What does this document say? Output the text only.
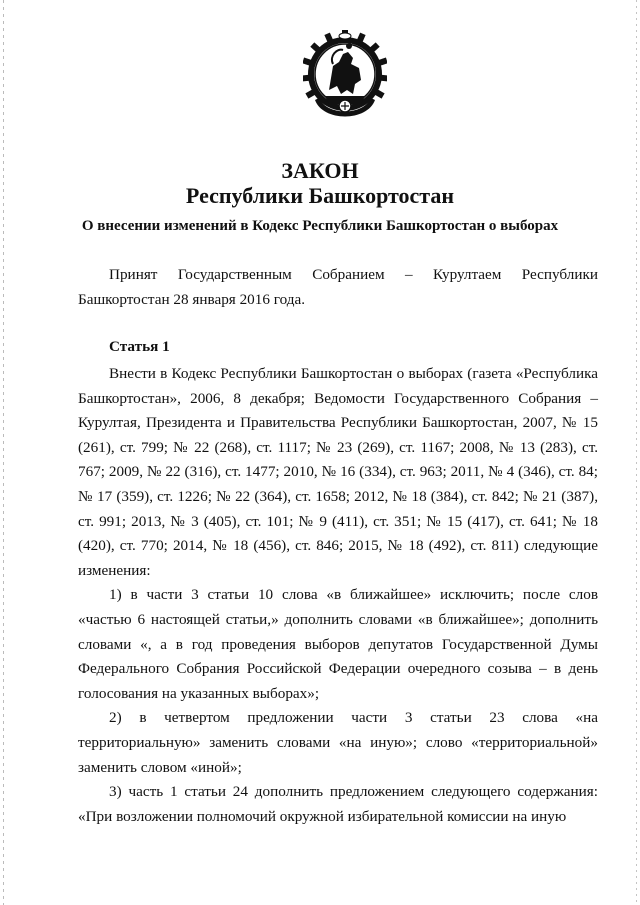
ЗАКОН
Республики Башкортостан
О внесении изменений в Кодекс Республики Башкортостан о выборах

Принят Государственным Собранием – Курултаем Республики Башкортостан 28 января 2016 года.

Статья 1

Внести в Кодекс Республики Башкортостан о выборах (газета «Республика Башкортостан», 2006, 8 декабря; Ведомости Государственного Собрания – Курултая, Президента и Правительства Республики Башкортостан, 2007, № 15 (261), ст. 799; № 22 (268), ст. 1117; № 23 (269), ст. 1167; 2008, № 13 (283), ст. 767; 2009, № 22 (316), ст. 1477; 2010, № 16 (334), ст. 963; 2011, № 4 (346), ст. 84; № 17 (359), ст. 1226; № 22 (364), ст. 1658; 2012, № 18 (384), ст. 842; № 21 (387), ст. 991; 2013, № 3 (405), ст. 101; № 9 (411), ст. 351; № 15 (417), ст. 641; № 18 (420), ст. 770; 2014, № 18 (456), ст. 846; 2015, № 18 (492), ст. 811) следующие изменения:

1) в части 3 статьи 10 слова «в ближайшее» исключить; после слов «частью 6 настоящей статьи,» дополнить словами «в ближайшее»; дополнить словами «, а в год проведения выборов депутатов Государственной Думы Федерального Собрания Российской Федерации очередного созыва – в день голосования на указанных выборах»;

2) в четвертом предложении части 3 статьи 23 слова «на территориальную» заменить словами «на иную»; слово «территориальной» заменить словом «иной»;

3) часть 1 статьи 24 дополнить предложением следующего содержания: «При возложении полномочий окружной избирательной комиссии на иную
